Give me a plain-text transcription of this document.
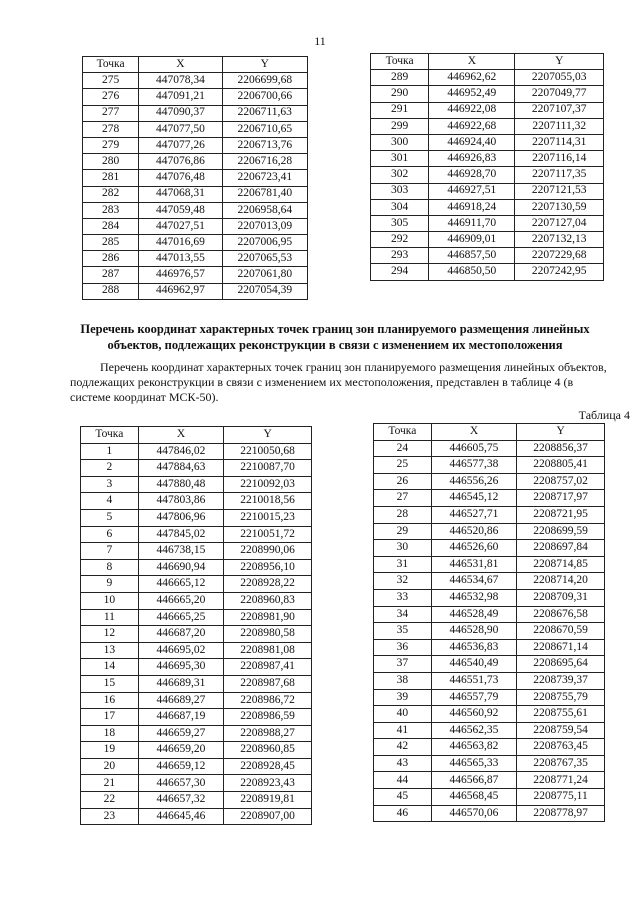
11
Точка	X	Y
275	447078,34	2206699,68
276	447091,21	2206700,66
277	447090,37	2206711,63
278	447077,50	2206710,65
279	447077,26	2206713,76
280	447076,86	2206716,28
281	447076,48	2206723,41
282	447068,31	2206781,40
283	447059,48	2206958,64
284	447027,51	2207013,09
285	447016,69	2207006,95
286	447013,55	2207065,53
287	446976,57	2207061,80
288	446962,97	2207054,39
Точка	X	Y
289	446962,62	2207055,03
290	446952,49	2207049,77
291	446922,08	2207107,37
299	446922,68	2207111,32
300	446924,40	2207114,31
301	446926,83	2207116,14
302	446928,70	2207117,35
303	446927,51	2207121,53
304	446918,24	2207130,59
305	446911,70	2207127,04
292	446909,01	2207132,13
293	446857,50	2207229,68
294	446850,50	2207242,95
Перечень координат характерных точек границ зон планируемого размещения линейных объектов, подлежащих реконструкции в связи с изменением их местоположения
Перечень координат характерных точек границ зон планируемого размещения линейных объектов, подлежащих реконструкции в связи с изменением их местоположения, представлен в таблице 4 (в системе координат МСК-50).
Таблица 4
Точка	X	Y
1	447846,02	2210050,68
2	447884,63	2210087,70
3	447880,48	2210092,03
4	447803,86	2210018,56
5	447806,96	2210015,23
6	447845,02	2210051,72
7	446738,15	2208990,06
8	446690,94	2208956,10
9	446665,12	2208928,22
10	446665,20	2208960,83
11	446665,25	2208981,90
12	446687,20	2208980,58
13	446695,02	2208981,08
14	446695,30	2208987,41
15	446689,31	2208987,68
16	446689,27	2208986,72
17	446687,19	2208986,59
18	446659,27	2208988,27
19	446659,20	2208960,85
20	446659,12	2208928,45
21	446657,30	2208923,43
22	446657,32	2208919,81
23	446645,46	2208907,00
Точка	X	Y
24	446605,75	2208856,37
25	446577,38	2208805,41
26	446556,26	2208757,02
27	446545,12	2208717,97
28	446527,71	2208721,95
29	446520,86	2208699,59
30	446526,60	2208697,84
31	446531,81	2208714,85
32	446534,67	2208714,20
33	446532,98	2208709,31
34	446528,49	2208676,58
35	446528,90	2208670,59
36	446536,83	2208671,14
37	446540,49	2208695,64
38	446551,73	2208739,37
39	446557,79	2208755,79
40	446560,92	2208755,61
41	446562,35	2208759,54
42	446563,82	2208763,45
43	446565,33	2208767,35
44	446566,87	2208771,24
45	446568,45	2208775,11
46	446570,06	2208778,97
